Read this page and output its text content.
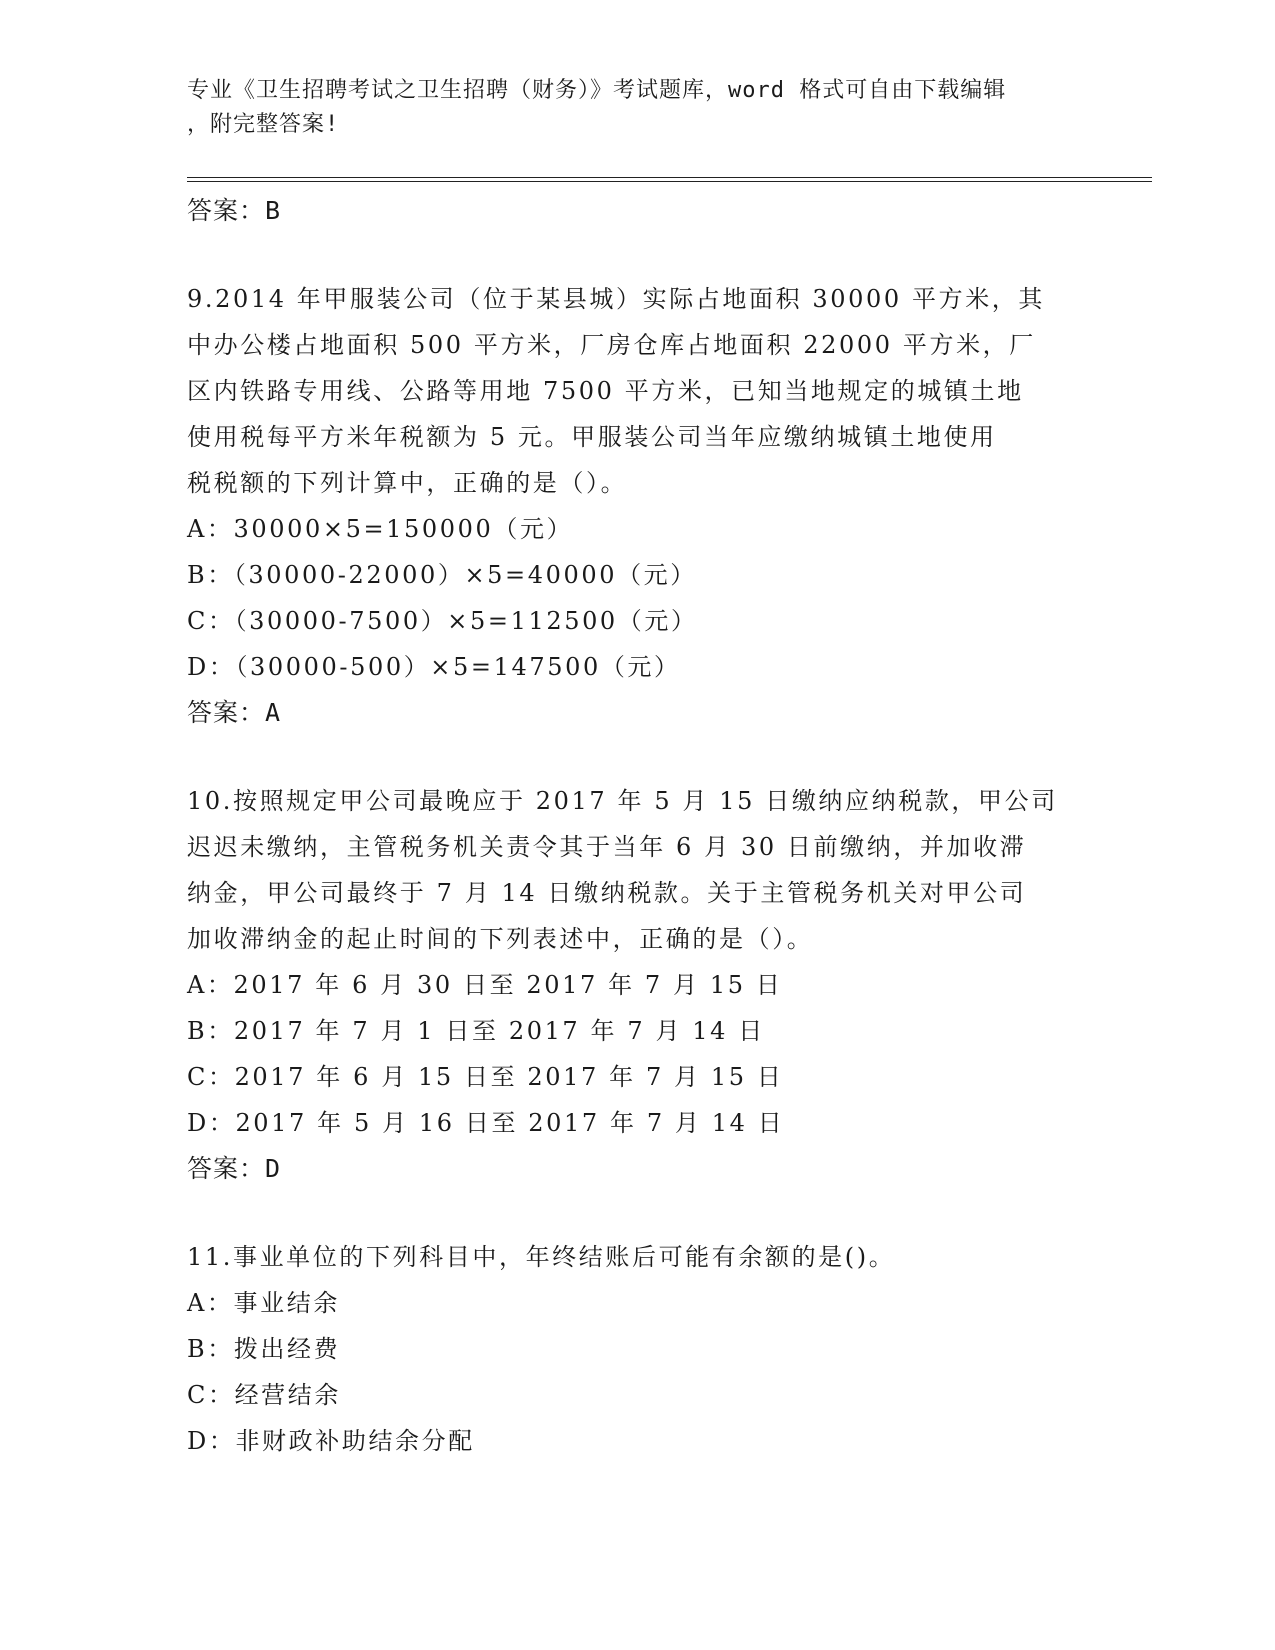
专业《卫生招聘考试之卫生招聘（财务）》考试题库，word 格式可自由下载编辑
，附完整答案!
答案：B
9.2014 年甲服装公司（位于某县城）实际占地面积 30000 平方米，其
中办公楼占地面积 500 平方米，厂房仓库占地面积 22000 平方米，厂
区内铁路专用线、公路等用地 7500 平方米，已知当地规定的城镇土地
使用税每平方米年税额为 5 元。甲服装公司当年应缴纳城镇土地使用
税税额的下列计算中，正确的是（）。
A：30000×5=150000（元）
B：（30000-22000）×5=40000（元）
C：（30000-7500）×5=112500（元）
D：（30000-500）×5=147500（元）
答案：A
10.按照规定甲公司最晚应于 2017 年 5 月 15 日缴纳应纳税款，甲公司
迟迟未缴纳，主管税务机关责令其于当年 6 月 30 日前缴纳，并加收滞
纳金，甲公司最终于 7 月 14 日缴纳税款。关于主管税务机关对甲公司
加收滞纳金的起止时间的下列表述中，正确的是（）。
A：2017 年 6 月 30 日至 2017 年 7 月 15 日
B：2017 年 7 月 1 日至 2017 年 7 月 14 日
C：2017 年 6 月 15 日至 2017 年 7 月 15 日
D：2017 年 5 月 16 日至 2017 年 7 月 14 日
答案：D
11.事业单位的下列科目中，年终结账后可能有余额的是()。
A：事业结余
B：拨出经费
C：经营结余
D：非财政补助结余分配
